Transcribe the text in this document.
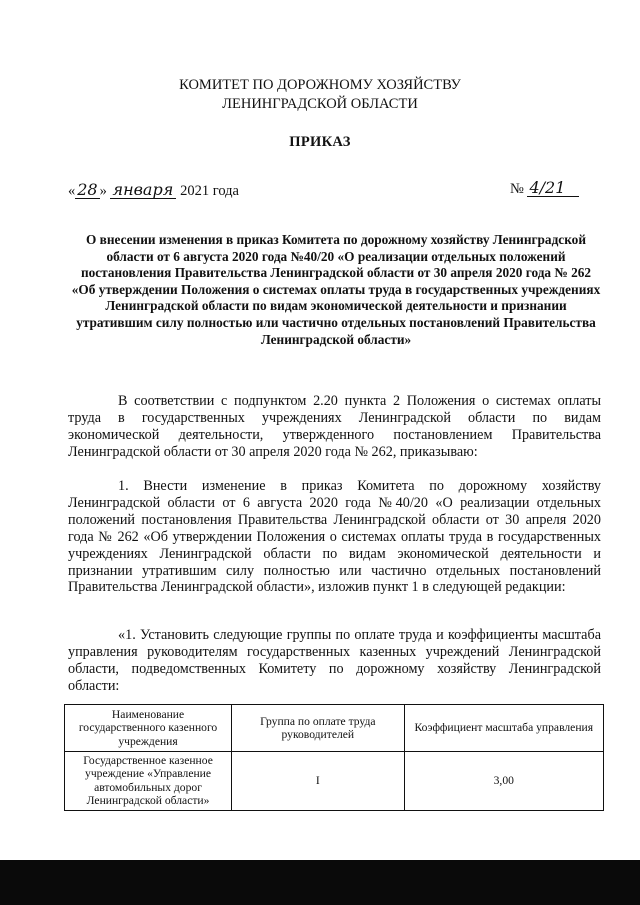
КОМИТЕТ ПО ДОРОЖНОМУ ХОЗЯЙСТВУ
ЛЕНИНГРАДСКОЙ ОБЛАСТИ
ПРИКАЗ
« 28 » января 2021 года	№ 4/21
О внесении изменения в приказ Комитета по дорожному хозяйству Ленинградской области от 6 августа 2020 года №40/20 «О реализации отдельных положений постановления Правительства Ленинградской области от 30 апреля 2020 года № 262 «Об утверждении Положения о системах оплаты труда в государственных учреждениях Ленинградской области по видам экономической деятельности и признании утратившим силу полностью или частично отдельных постановлений Правительства Ленинградской области»
В соответствии с подпунктом 2.20 пункта 2 Положения о системах оплаты труда в государственных учреждениях Ленинградской области по видам экономической деятельности, утвержденного постановлением Правительства Ленинградской области от 30 апреля 2020 года № 262, приказываю:
1. Внести изменение в приказ Комитета по дорожному хозяйству Ленинградской области от 6 августа 2020 года №40/20 «О реализации отдельных положений постановления Правительства Ленинградской области от 30 апреля 2020 года № 262 «Об утверждении Положения о системах оплаты труда в государственных учреждениях Ленинградской области по видам экономической деятельности и признании утратившим силу полностью или частично отдельных постановлений Правительства Ленинградской области», изложив пункт 1 в следующей редакции:
«1. Установить следующие группы по оплате труда и коэффициенты масштаба управления руководителям государственных казенных учреждений Ленинградской области, подведомственных Комитету по дорожному хозяйству Ленинградской области:
Наименование государственного казенного учреждения	Группа по оплате труда руководителей	Коэффициент масштаба управления
Государственное казенное учреждение «Управление автомобильных дорог Ленинградской области»	I	3,00
